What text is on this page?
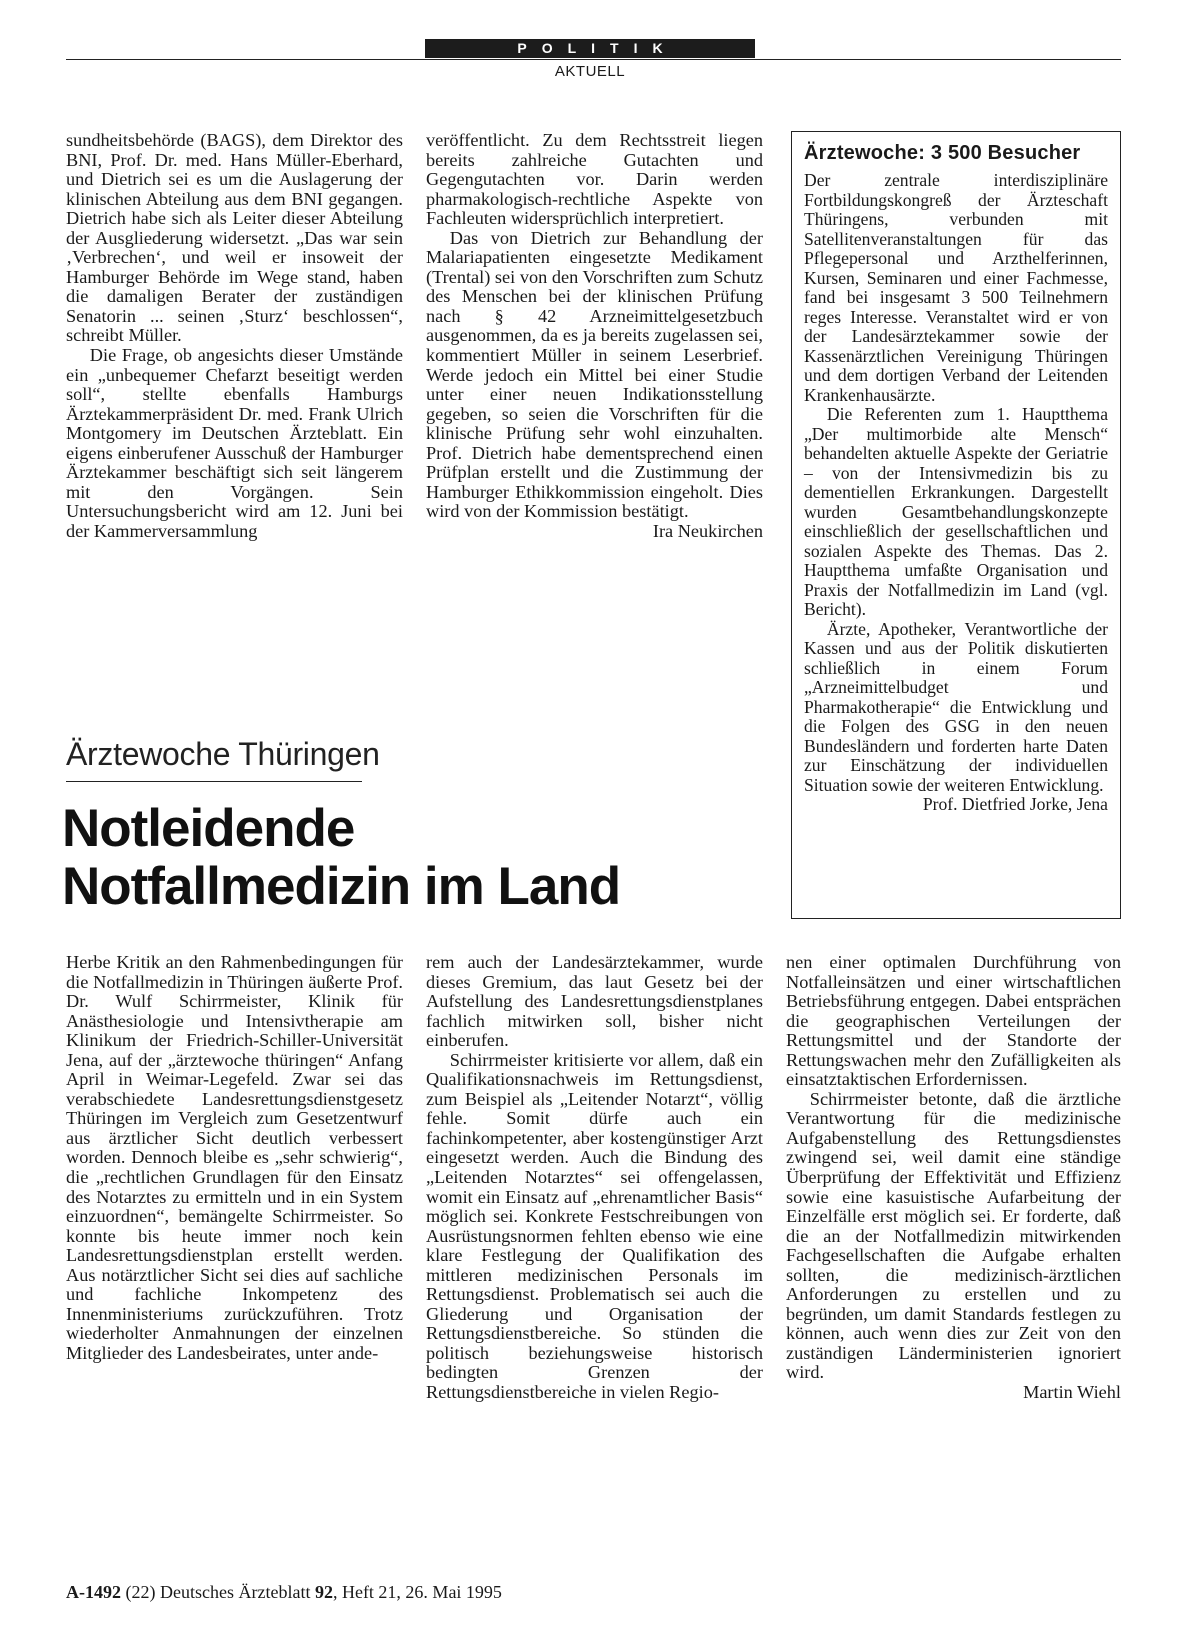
POLITIK
AKTUELL

sundheitsbehörde (BAGS), dem Direktor des BNI, Prof. Dr. med. Hans Müller-Eberhard, und Dietrich sei es um die Auslagerung der klinischen Abteilung aus dem BNI gegangen. Dietrich habe sich als Leiter dieser Abteilung der Ausgliederung widersetzt. „Das war sein ‚Verbrechen‘, und weil er insoweit der Hamburger Behörde im Wege stand, haben die damaligen Berater der zuständigen Senatorin ... seinen ‚Sturz‘ beschlossen“, schreibt Müller.

Die Frage, ob angesichts dieser Umstände ein „unbequemer Chefarzt beseitigt werden soll“, stellte ebenfalls Hamburgs Ärztekammerpräsident Dr. med. Frank Ulrich Montgomery im Deutschen Ärzteblatt. Ein eigens einberufener Ausschuß der Hamburger Ärztekammer beschäftigt sich seit längerem mit den Vorgängen. Sein Untersuchungsbericht wird am 12. Juni bei der Kammerversammlung

veröffentlicht. Zu dem Rechtsstreit liegen bereits zahlreiche Gutachten und Gegengutachten vor. Darin werden pharmakologisch-rechtliche Aspekte von Fachleuten widersprüchlich interpretiert.

Das von Dietrich zur Behandlung der Malariapatienten eingesetzte Medikament (Trental) sei von den Vorschriften zum Schutz des Menschen bei der klinischen Prüfung nach § 42 Arzneimittelgesetzbuch ausgenommen, da es ja bereits zugelassen sei, kommentiert Müller in seinem Leserbrief. Werde jedoch ein Mittel bei einer Studie unter einer neuen Indikationsstellung gegeben, so seien die Vorschriften für die klinische Prüfung sehr wohl einzuhalten. Prof. Dietrich habe dementsprechend einen Prüfplan erstellt und die Zustimmung der Hamburger Ethikkommission eingeholt. Dies wird von der Kommission bestätigt.

Ira Neukirchen
Ärztewoche: 3 500 Besucher

Der zentrale interdisziplinäre Fortbildungskongreß der Ärzteschaft Thüringens, verbunden mit Satellitenveranstaltungen für das Pflegepersonal und Arzthelferinnen, Kursen, Seminaren und einer Fachmesse, fand bei insgesamt 3 500 Teilnehmern reges Interesse. Veranstaltet wird er von der Landesärztekammer sowie der Kassenärztlichen Vereinigung Thüringen und dem dortigen Verband der Leitenden Krankenhausärzte.

Die Referenten zum 1. Hauptthema „Der multimorbide alte Mensch“ behandelten aktuelle Aspekte der Geriatrie – von der Intensivmedizin bis zu dementiellen Erkrankungen. Dargestellt wurden Gesamtbehandlungskonzepte einschließlich der gesellschaftlichen und sozialen Aspekte des Themas. Das 2. Hauptthema umfaßte Organisation und Praxis der Notfallmedizin im Land (vgl. Bericht).

Ärzte, Apotheker, Verantwortliche der Kassen und aus der Politik diskutierten schließlich in einem Forum „Arzneimittelbudget und Pharmakotherapie“ die Entwicklung und die Folgen des GSG in den neuen Bundesländern und forderten harte Daten zur Einschätzung der individuellen Situation sowie der weiteren Entwicklung.

Prof. Dietfried Jorke, Jena
Ärztewoche Thüringen
Notleidende
Notfallmedizin im Land

Herbe Kritik an den Rahmenbedingungen für die Notfallmedizin in Thüringen äußerte Prof. Dr. Wulf Schirrmeister, Klinik für Anästhesiologie und Intensivtherapie am Klinikum der Friedrich-Schiller-Universität Jena, auf der „ärztewoche thüringen“ Anfang April in Weimar-Legefeld. Zwar sei das verabschiedete Landesrettungsdienstgesetz Thüringen im Vergleich zum Gesetzentwurf aus ärztlicher Sicht deutlich verbessert worden. Dennoch bleibe es „sehr schwierig“, die „rechtlichen Grundlagen für den Einsatz des Notarztes zu ermitteln und in ein System einzuordnen“, bemängelte Schirrmeister. So konnte bis heute immer noch kein Landesrettungsdienstplan erstellt werden. Aus notärztlicher Sicht sei dies auf sachliche und fachliche Inkompetenz des Innenministeriums zurückzuführen. Trotz wiederholter Anmahnungen der einzelnen Mitglieder des Landesbeirates, unter ande-

rem auch der Landesärztekammer, wurde dieses Gremium, das laut Gesetz bei der Aufstellung des Landesrettungsdienstplanes fachlich mitwirken soll, bisher nicht einberufen.

Schirrmeister kritisierte vor allem, daß ein Qualifikationsnachweis im Rettungsdienst, zum Beispiel als „Leitender Notarzt“, völlig fehle. Somit dürfe auch ein fachinkompetenter, aber kostengünstiger Arzt eingesetzt werden. Auch die Bindung des „Leitenden Notarztes“ sei offengelassen, womit ein Einsatz auf „ehrenamtlicher Basis“ möglich sei. Konkrete Festschreibungen von Ausrüstungsnormen fehlten ebenso wie eine klare Festlegung der Qualifikation des mittleren medizinischen Personals im Rettungsdienst. Problematisch sei auch die Gliederung und Organisation der Rettungsdienstbereiche. So stünden die politisch beziehungsweise historisch bedingten Grenzen der Rettungsdienstbereiche in vielen Regio-

nen einer optimalen Durchführung von Notfalleinsätzen und einer wirtschaftlichen Betriebsführung entgegen. Dabei entsprächen die geographischen Verteilungen der Rettungsmittel und der Standorte der Rettungswachen mehr den Zufälligkeiten als einsatztaktischen Erfordernissen.

Schirrmeister betonte, daß die ärztliche Verantwortung für die medizinische Aufgabenstellung des Rettungsdienstes zwingend sei, weil damit eine ständige Überprüfung der Effektivität und Effizienz sowie eine kasuistische Aufarbeitung der Einzelfälle erst möglich sei. Er forderte, daß die an der Notfallmedizin mitwirkenden Fachgesellschaften die Aufgabe erhalten sollten, die medizinisch-ärztlichen Anforderungen zu erstellen und zu begründen, um damit Standards festlegen zu können, auch wenn dies zur Zeit von den zuständigen Länderministerien ignoriert wird.

Martin Wiehl
A-1492 (22) Deutsches Ärzteblatt 92, Heft 21, 26. Mai 1995
